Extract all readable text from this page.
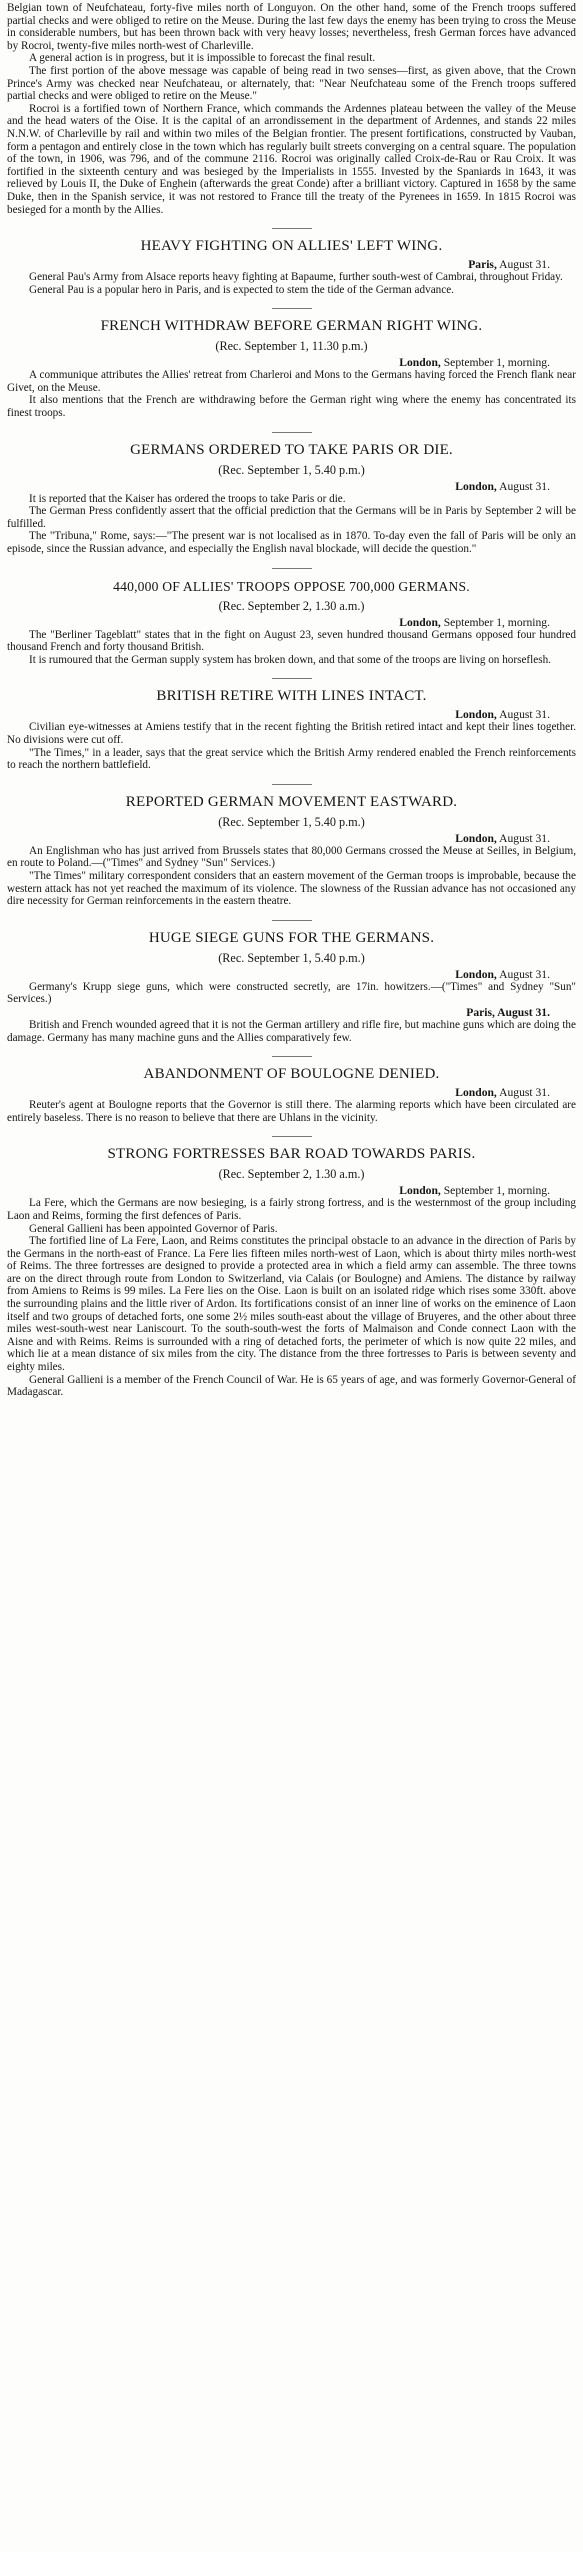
Belgian town of Neufchateau, forty-five miles north of Longuyon. On the other hand, some of the French troops suffered partial checks and were obliged to retire on the Meuse. During the last few days the enemy has been trying to cross the Meuse in considerable numbers, but has been thrown back with very heavy losses; nevertheless, fresh German forces have advanced by Rocroi, twenty-five miles north-west of Charleville.

A general action is in progress, but it is impossible to forecast the final result.

The first portion of the above message was capable of being read in two senses—first, as given above, that the Crown Prince's Army was checked near Neufchateau, or alternately, that: "Near Neufchateau some of the French troops suffered partial checks and were obliged to retire on the Meuse."

Rocroi is a fortified town of Northern France, which commands the Ardennes plateau between the valley of the Meuse and the head waters of the Oise. It is the capital of an arrondissement in the department of Ardennes, and stands 22 miles N.N.W. of Charleville by rail and within two miles of the Belgian frontier. The present fortifications, constructed by Vauban, form a pentagon and entirely close in the town which has regularly built streets converging on a central square. The population of the town, in 1906, was 796, and of the commune 2116. Rocroi was originally called Croix-de-Rau or Rau Croix. It was fortified in the sixteenth century and was besieged by the Imperialists in 1555. Invested by the Spaniards in 1643, it was relieved by Louis II, the Duke of Enghein (afterwards the great Conde) after a brilliant victory. Captured in 1658 by the same Duke, then in the Spanish service, it was not restored to France till the treaty of the Pyrenees in 1659. In 1815 Rocroi was besieged for a month by the Allies.

HEAVY FIGHTING ON ALLIES' LEFT WING.
Paris, August 31.

General Pau's Army from Alsace reports heavy fighting at Bapaume, further south-west of Cambrai, throughout Friday.

General Pau is a popular hero in Paris, and is expected to stem the tide of the German advance.

FRENCH WITHDRAW BEFORE GERMAN RIGHT WING.
(Rec. September 1, 11.30 p.m.)
London, September 1, morning.

A communique attributes the Allies' retreat from Charleroi and Mons to the Germans having forced the French flank near Givet, on the Meuse.

It also mentions that the French are withdrawing before the German right wing where the enemy has concentrated its finest troops.

GERMANS ORDERED TO TAKE PARIS OR DIE.
(Rec. September 1, 5.40 p.m.)
London, August 31.

It is reported that the Kaiser has ordered the troops to take Paris or die.

The German Press confidently assert that the official prediction that the Germans will be in Paris by September 2 will be fulfilled.

The "Tribuna," Rome, says:—"The present war is not localised as in 1870. To-day even the fall of Paris will be only an episode, since the Russian advance, and especially the English naval blockade, will decide the question."

440,000 OF ALLIES' TROOPS OPPOSE 700,000 GERMANS.
(Rec. September 2, 1.30 a.m.)
London, September 1, morning.

The "Berliner Tageblatt" states that in the fight on August 23, seven hundred thousand Germans opposed four hundred thousand French and forty thousand British.

It is rumoured that the German supply system has broken down, and that some of the troops are living on horseflesh.

BRITISH RETIRE WITH LINES INTACT.
London, August 31.

Civilian eye-witnesses at Amiens testify that in the recent fighting the British retired intact and kept their lines together. No divisions were cut off.

"The Times," in a leader, says that the great service which the British Army rendered enabled the French reinforcements to reach the northern battlefield.

REPORTED GERMAN MOVEMENT EASTWARD.
(Rec. September 1, 5.40 p.m.)
London, August 31.

An Englishman who has just arrived from Brussels states that 80,000 Germans crossed the Meuse at Seilles, in Belgium, en route to Poland.—("Times" and Sydney "Sun" Services.)

"The Times" military correspondent considers that an eastern movement of the German troops is improbable, because the western attack has not yet reached the maximum of its violence. The slowness of the Russian advance has not occasioned any dire necessity for German reinforcements in the eastern theatre.

HUGE SIEGE GUNS FOR THE GERMANS.
(Rec. September 1, 5.40 p.m.)
London, August 31.

Germany's Krupp siege guns, which were constructed secretly, are 17in. howitzers.—("Times" and Sydney "Sun" Services.)

Paris, August 31.

British and French wounded agreed that it is not the German artillery and rifle fire, but machine guns which are doing the damage. Germany has many machine guns and the Allies comparatively few.

ABANDONMENT OF BOULOGNE DENIED.
London, August 31.

Reuter's agent at Boulogne reports that the Governor is still there. The alarming reports which have been circulated are entirely baseless. There is no reason to believe that there are Uhlans in the vicinity.

STRONG FORTRESSES BAR ROAD TOWARDS PARIS.
(Rec. September 2, 1.30 a.m.)
London, September 1, morning.

La Fere, which the Germans are now besieging, is a fairly strong fortress, and is the westernmost of the group including Laon and Reims, forming the first defences of Paris.

General Gallieni has been appointed Governor of Paris.

The fortified line of La Fere, Laon, and Reims constitutes the principal obstacle to an advance in the direction of Paris by the Germans in the north-east of France. La Fere lies fifteen miles north-west of Laon, which is about thirty miles north-west of Reims. The three fortresses are designed to provide a protected area in which a field army can assemble. The three towns are on the direct through route from London to Switzerland, via Calais (or Boulogne) and Amiens. The distance by railway from Amiens to Reims is 99 miles. La Fere lies on the Oise. Laon is built on an isolated ridge which rises some 330ft. above the surrounding plains and the little river of Ardon. Its fortifications consist of an inner line of works on the eminence of Laon itself and two groups of detached forts, one some 2½ miles south-east about the village of Bruyeres, and the other about three miles west-south-west near Laniscourt. To the south-south-west the forts of Malmaison and Conde connect Laon with the Aisne and with Reims. Reims is surrounded with a ring of detached forts, the perimeter of which is now quite 22 miles, and which lie at a mean distance of six miles from the city. The distance from the three fortresses to Paris is between seventy and eighty miles.

General Gallieni is a member of the French Council of War. He is 65 years of age, and was formerly Governor-General of Madagascar.
